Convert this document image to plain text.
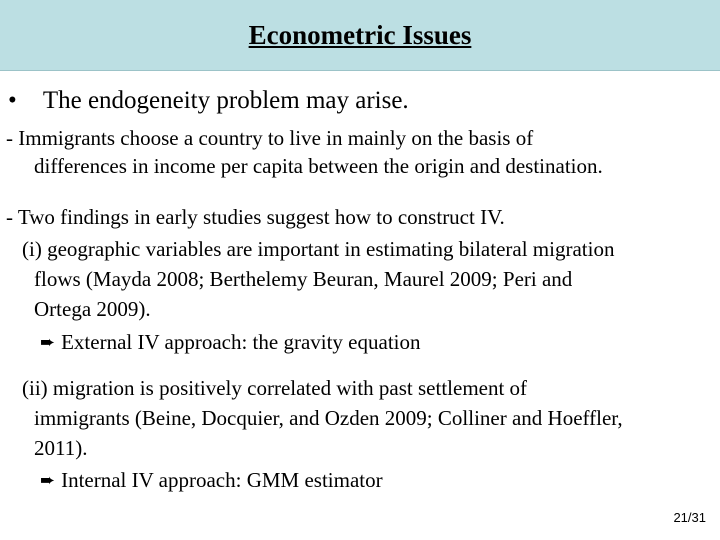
Econometric Issues
• The endogeneity problem may arise.
- Immigrants choose a country to live in mainly on the basis of
differences in income per capita between the origin and destination.
- Two findings in early studies suggest how to construct IV.
(i) geographic variables are important in estimating bilateral migration
flows (Mayda 2008; Berthelemy Beuran, Maurel 2009; Peri and
Ortega 2009).
➨ External IV approach: the gravity equation
(ii) migration is positively correlated with past settlement of
immigrants (Beine, Docquier, and Ozden 2009; Colliner and Hoeffler,
2011).
➨ Internal IV approach: GMM estimator
21/31
